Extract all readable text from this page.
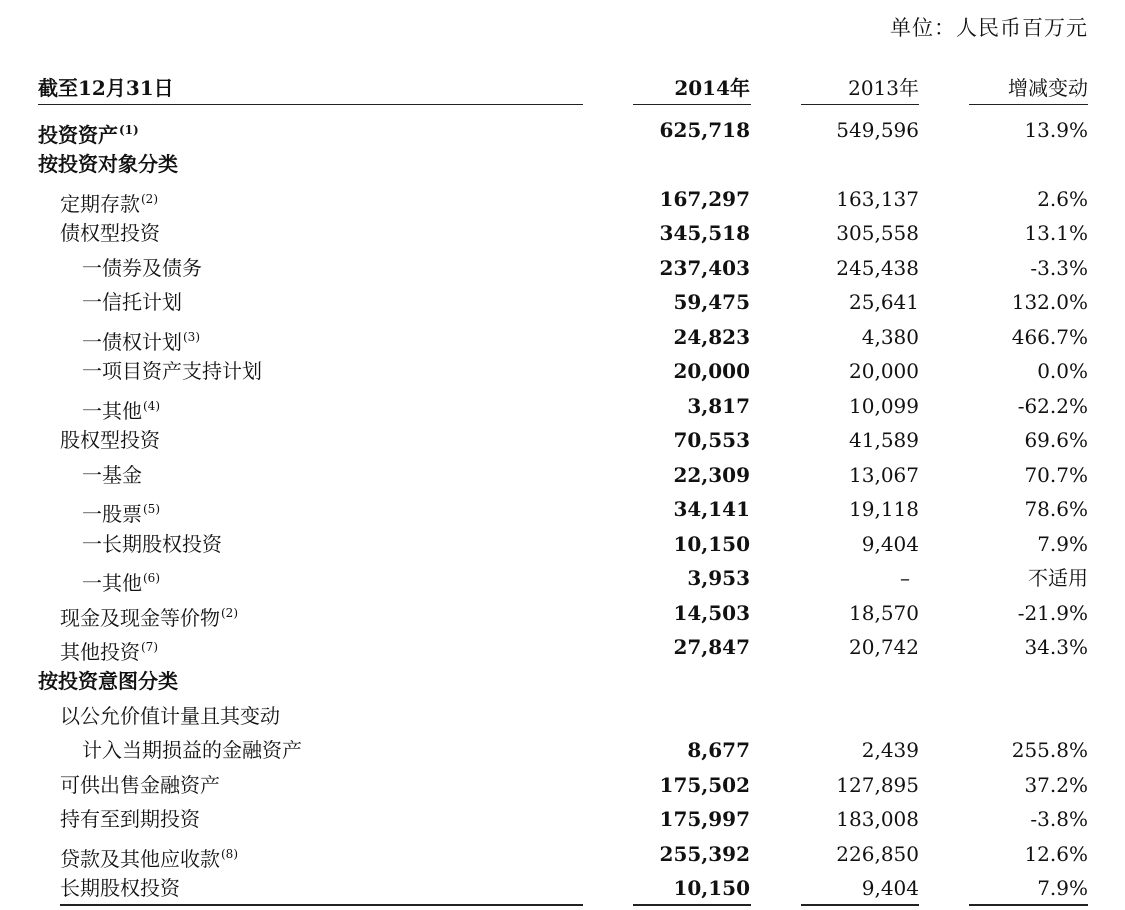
单位：人民币百万元
截至12月31日	2014年	2013年	增减变动
投资资产$^{(1)}$	625,718	549,596	13.9%
按投资对象分类
定期存款$^{(2)}$	167,297	163,137	2.6%
债权型投资	345,518	305,558	13.1%
一债券及债务	237,403	245,438	-3.3%
一信托计划	59,475	25,641	132.0%
一债权计划$^{(3)}$	24,823	4,380	466.7%
一项目资产支持计划	20,000	20,000	0.0%
一其他$^{(4)}$	3,817	10,099	-62.2%
股权型投资	70,553	41,589	69.6%
一基金	22,309	13,067	70.7%
一股票$^{(5)}$	34,141	19,118	78.6%
一长期股权投资	10,150	9,404	7.9%
一其他$^{(6)}$	3,953	–	不适用
现金及现金等价物$^{(2)}$	14,503	18,570	-21.9%
其他投资$^{(7)}$	27,847	20,742	34.3%
按投资意图分类
以公允价值计量且其变动
计入当期损益的金融资产	8,677	2,439	255.8%
可供出售金融资产	175,502	127,895	37.2%
持有至到期投资	175,997	183,008	-3.8%
贷款及其他应收款$^{(8)}$	255,392	226,850	12.6%
长期股权投资	10,150	9,404	7.9%
